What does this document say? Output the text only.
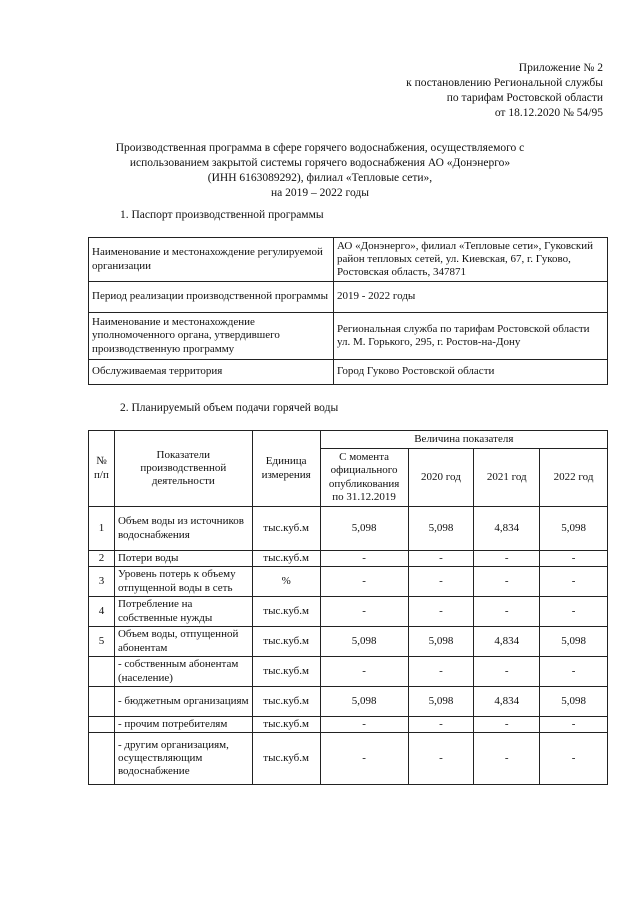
Приложение № 2
к постановлению Региональной службы
по тарифам Ростовской области
от 18.12.2020 № 54/95
Производственная программа в сфере горячего водоснабжения, осуществляемого с
использованием закрытой системы горячего водоснабжения АО «Донэнерго»
(ИНН 6163089292), филиал «Тепловые сети»,
на 2019 – 2022 годы
1. Паспорт производственной программы
Наименование и местонахождение регулируемой организации	АО «Донэнерго», филиал «Тепловые сети», Гуковский район тепловых сетей, ул. Киевская, 67, г. Гуково, Ростовская область, 347871
Период реализации производственной программы	2019 - 2022 годы
Наименование и местонахождение уполномоченного органа, утвердившего производственную программу	Региональная служба по тарифам Ростовской области ул. М. Горького, 295, г. Ростов-на-Дону
Обслуживаемая территория	Город Гуково Ростовской области
2. Планируемый объем подачи горячей воды
№ п/п	Показатели производственной деятельности	Единица измерения	Величина показателя			
			С момента официального опубликования по 31.12.2019	2020 год	2021 год	2022 год
1	Объем воды из источников водоснабжения	тыс.куб.м	5,098	5,098	4,834	5,098
2	Потери воды	тыс.куб.м	-	-	-	-
3	Уровень потерь к объему отпущенной воды в сеть	%	-	-	-	-
4	Потребление на собственные нужды	тыс.куб.м	-	-	-	-
5	Объем воды, отпущенной абонентам	тыс.куб.м	5,098	5,098	4,834	5,098
	- собственным абонентам (население)	тыс.куб.м	-	-	-	-
	- бюджетным организациям	тыс.куб.м	5,098	5,098	4,834	5,098
	- прочим потребителям	тыс.куб.м	-	-	-	-
	- другим организациям, осуществляющим водоснабжение	тыс.куб.м	-	-	-	-
